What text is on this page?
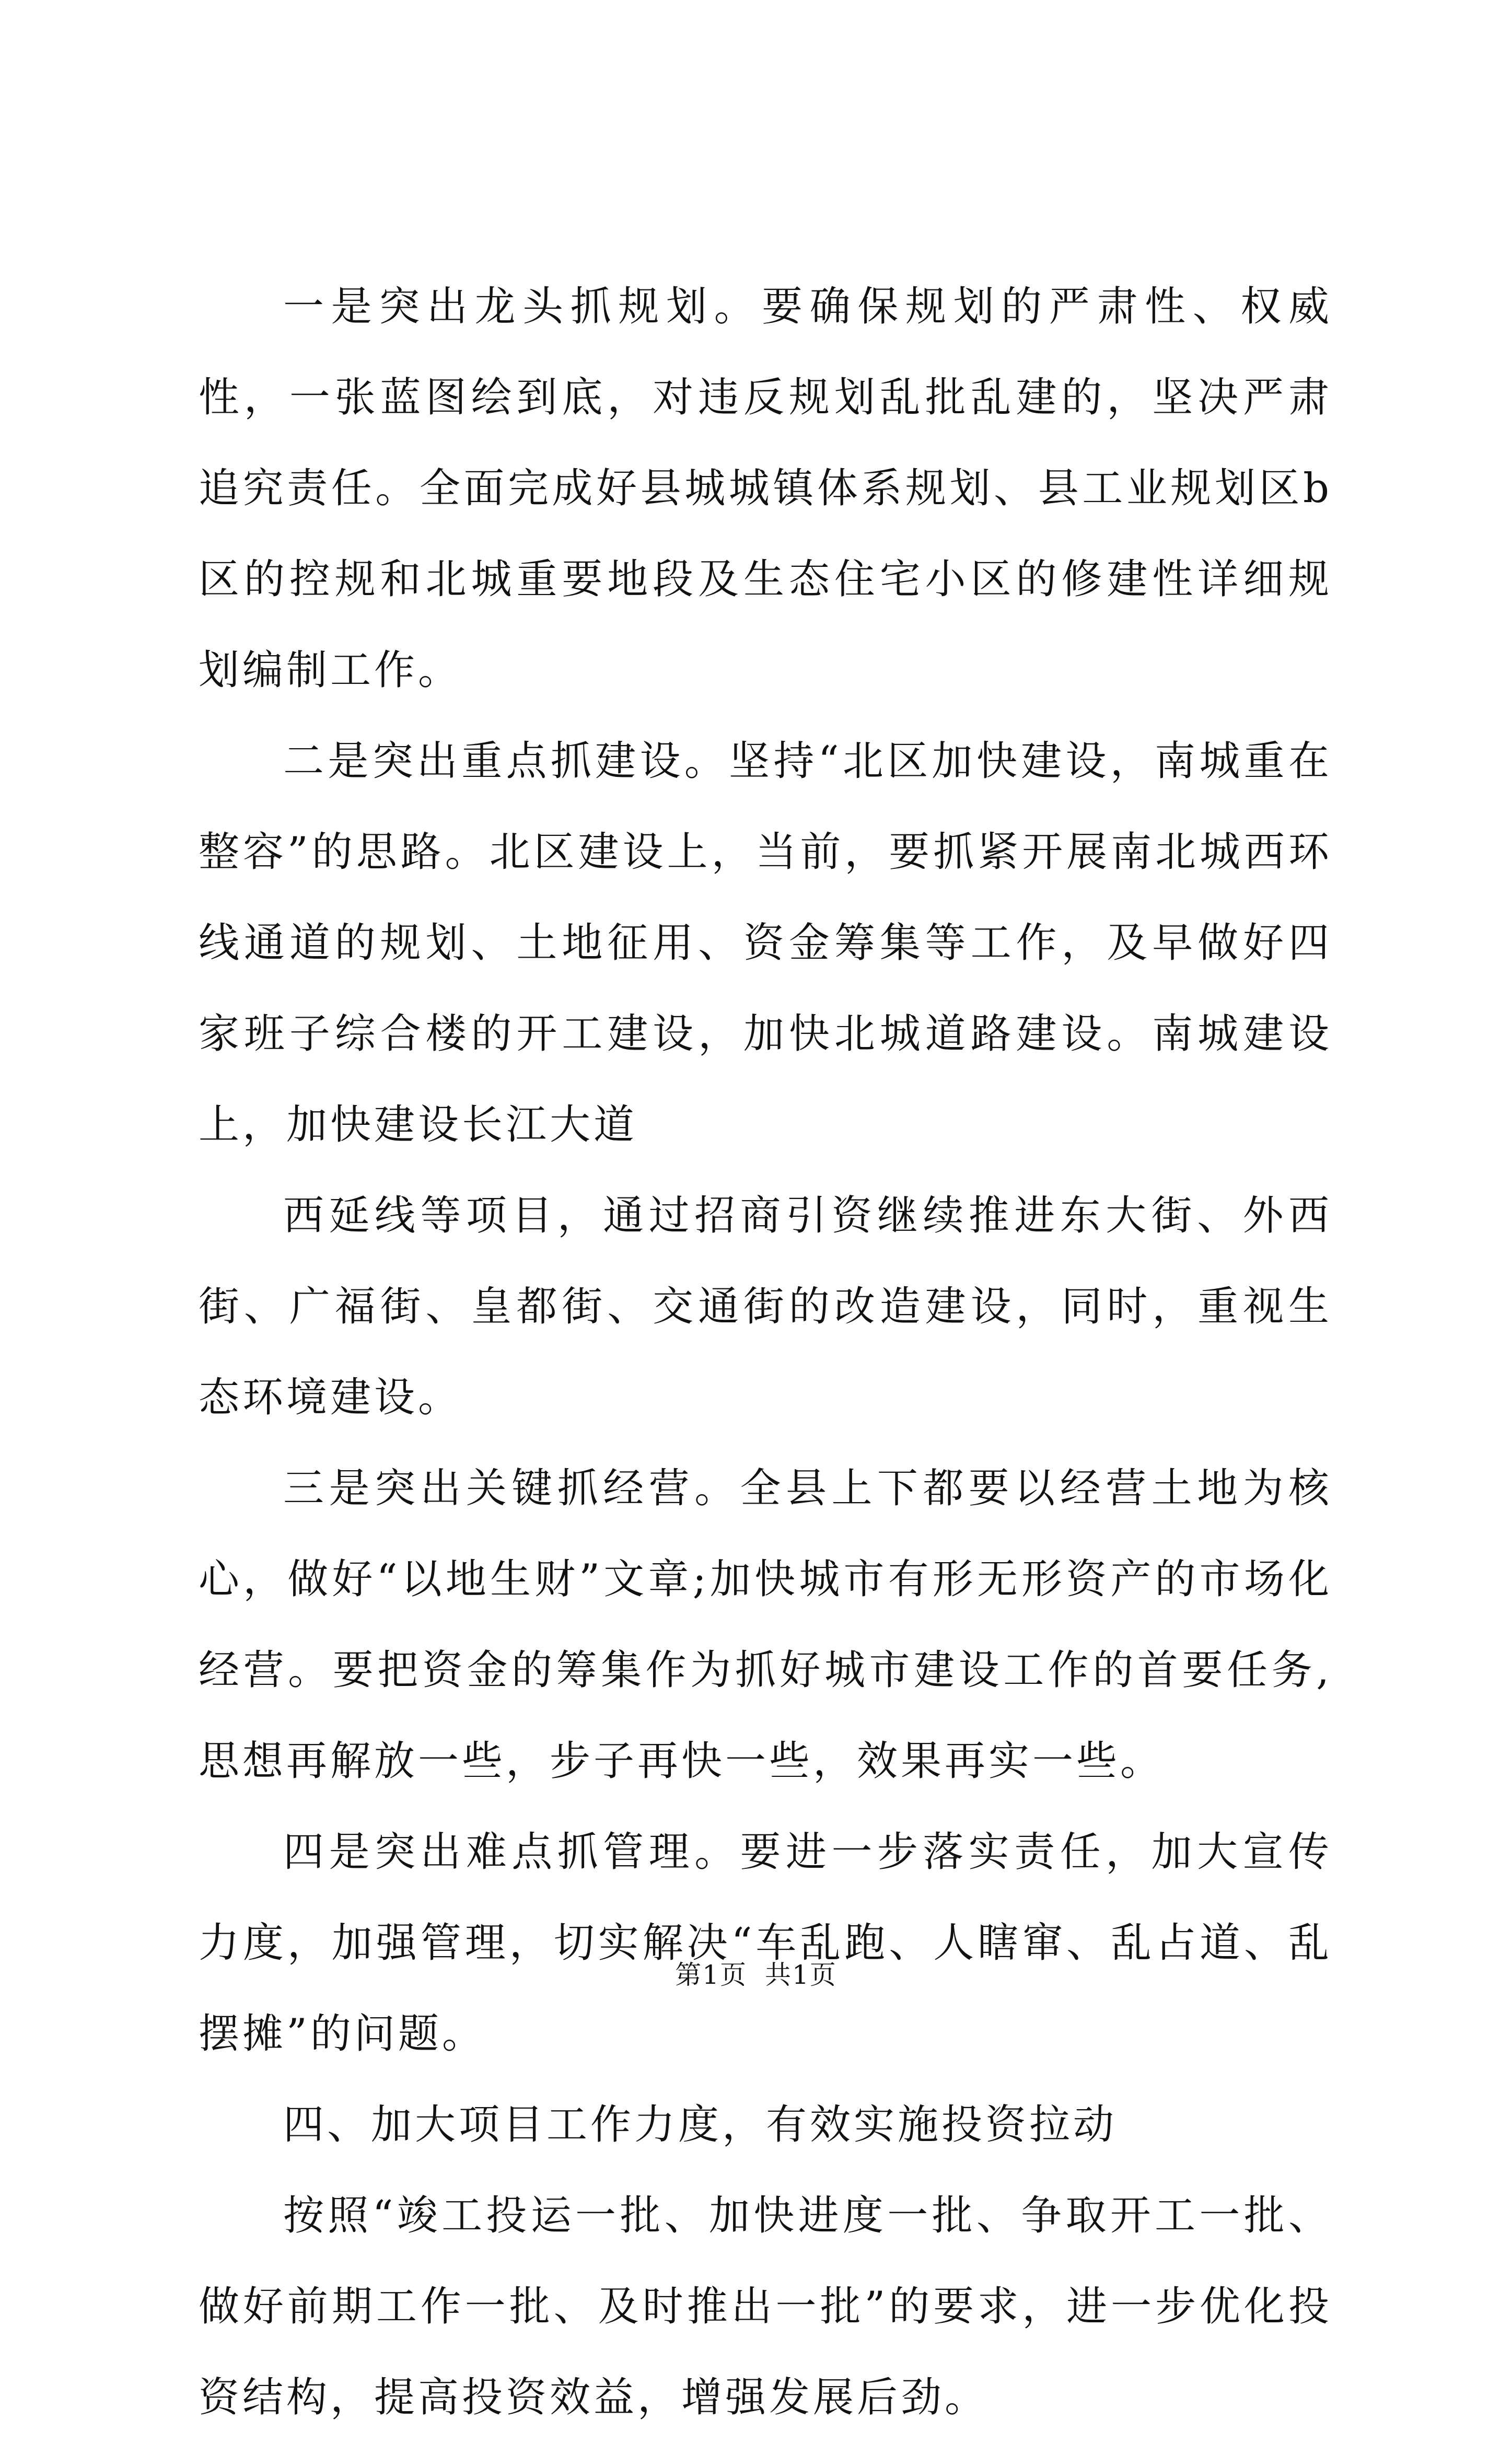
一是突出龙头抓规划。要确保规划的严肃性、权威性，一张蓝图绘到底，对违反规划乱批乱建的，坚决严肃追究责任。全面完成好县城城镇体系规划、县工业规划区b区的控规和北城重要地段及生态住宅小区的修建性详细规划编制工作。

二是突出重点抓建设。坚持“北区加快建设，南城重在整容”的思路。北区建设上，当前，要抓紧开展南北城西环线通道的规划、土地征用、资金筹集等工作，及早做好四家班子综合楼的开工建设，加快北城道路建设。南城建设上，加快建设长江大道

西延线等项目，通过招商引资继续推进东大街、外西街、广福街、皇都街、交通街的改造建设，同时，重视生态环境建设。

三是突出关键抓经营。全县上下都要以经营土地为核心，做好“以地生财”文章;加快城市有形无形资产的市场化经营。要把资金的筹集作为抓好城市建设工作的首要任务,思想再解放一些，步子再快一些，效果再实一些。

四是突出难点抓管理。要进一步落实责任，加大宣传力度，加强管理，切实解决“车乱跑、人瞎窜、乱占道、乱摆摊”的问题。

四、加大项目工作力度，有效实施投资拉动

按照“竣工投运一批、加快进度一批、争取开工一批、做好前期工作一批、及时推出一批”的要求，进一步优化投资结构，提高投资效益，增强发展后劲。

第1页 共1页
